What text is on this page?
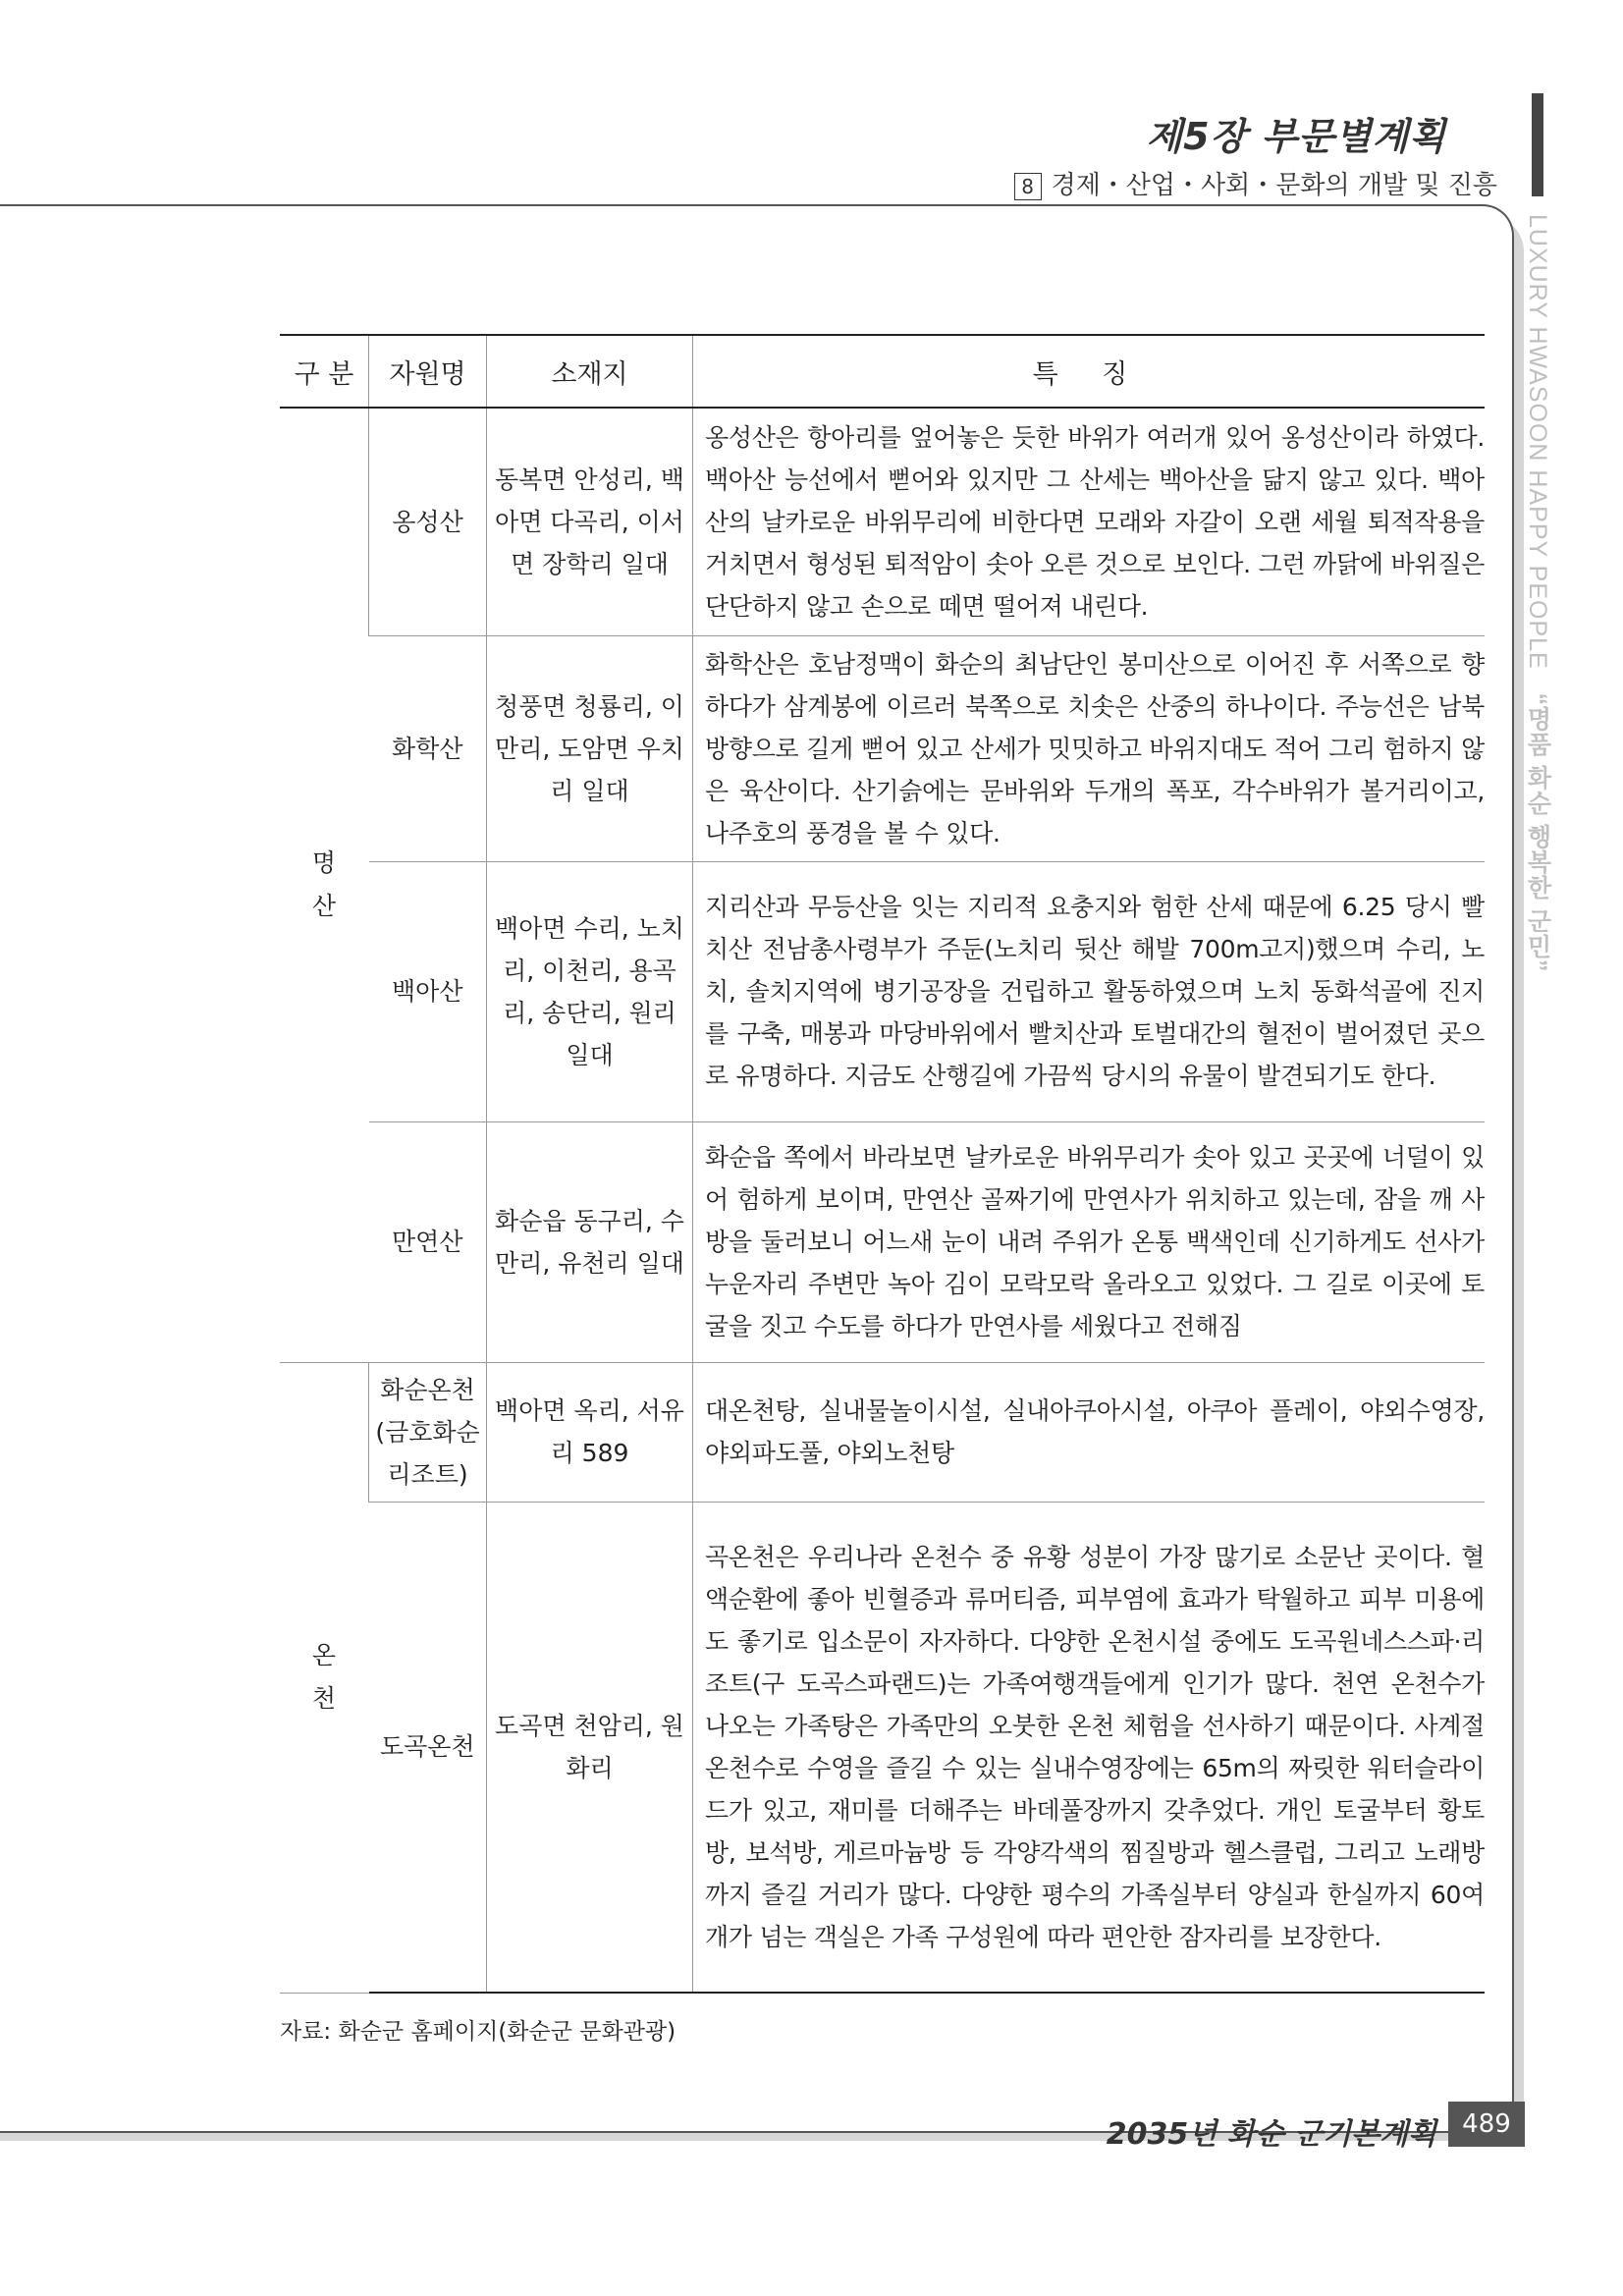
제5장 부문별계획
8 경제・산업・사회・문화의 개발 및 진흥
LUXURY HWASOON HAPPY PEOPLE   “명품 화순 행복한 군민”
구 분	자원명	소재지	특 징
명산	옹성산	동복면 안성리, 백아면 다곡리, 이서면 장학리 일대	옹성산은 항아리를 엎어놓은 듯한 바위가 여러개 있어 옹성산이라 하였다. 백아산 능선에서 뻗어와 있지만 그 산세는 백아산을 닮지 않고 있다. 백아산의 날카로운 바위무리에 비한다면 모래와 자갈이 오랜 세월 퇴적작용을 거치면서 형성된 퇴적암이 솟아 오른 것으로 보인다. 그런 까닭에 바위질은 단단하지 않고 손으로 떼면 떨어져 내린다.
	화학산	청풍면 청룡리, 이만리, 도암면 우치리 일대	화학산은 호남정맥이 화순의 최남단인 봉미산으로 이어진 후 서쪽으로 향하다가 삼계봉에 이르러 북쪽으로 치솟은 산중의 하나이다. 주능선은 남북방향으로 길게 뻗어 있고 산세가 밋밋하고 바위지대도 적어 그리 험하지 않은 육산이다. 산기슭에는 문바위와 두개의 폭포, 각수바위가 볼거리이고, 나주호의 풍경을 볼 수 있다.
	백아산	백아면 수리, 노치리, 이천리, 용곡리, 송단리, 원리 일대	지리산과 무등산을 잇는 지리적 요충지와 험한 산세 때문에 6.25 당시 빨치산 전남총사령부가 주둔(노치리 뒷산 해발 700m고지)했으며 수리, 노치, 솔치지역에 병기공장을 건립하고 활동하였으며 노치 동화석골에 진지를 구축, 매봉과 마당바위에서 빨치산과 토벌대간의 혈전이 벌어졌던 곳으로 유명하다. 지금도 산행길에 가끔씩 당시의 유물이 발견되기도 한다.
	만연산	화순읍 동구리, 수만리, 유천리 일대	화순읍 쪽에서 바라보면 날카로운 바위무리가 솟아 있고 곳곳에 너덜이 있어 험하게 보이며, 만연산 골짜기에 만연사가 위치하고 있는데, 잠을 깨 사방을 둘러보니 어느새 눈이 내려 주위가 온통 백색인데 신기하게도 선사가 누운자리 주변만 녹아 김이 모락모락 올라오고 있었다. 그 길로 이곳에 토굴을 짓고 수도를 하다가 만연사를 세웠다고 전해짐
온천	화순온천 (금호화순 리조트)	백아면 옥리, 서유리 589	대온천탕, 실내물놀이시설, 실내아쿠아시설, 아쿠아 플레이, 야외수영장, 야외파도풀, 야외노천탕
	도곡온천	도곡면 천암리, 원화리	곡온천은 우리나라 온천수 중 유황 성분이 가장 많기로 소문난 곳이다. 혈액순환에 좋아 빈혈증과 류머티즘, 피부염에 효과가 탁월하고 피부 미용에도 좋기로 입소문이 자자하다. 다양한 온천시설 중에도 도곡원네스스파·리조트(구 도곡스파랜드)는 가족여행객들에게 인기가 많다. 천연 온천수가 나오는 가족탕은 가족만의 오붓한 온천 체험을 선사하기 때문이다. 사계절 온천수로 수영을 즐길 수 있는 실내수영장에는 65m의 짜릿한 워터슬라이드가 있고, 재미를 더해주는 바데풀장까지 갖추었다. 개인 토굴부터 황토방, 보석방, 게르마늄방 등 각양각색의 찜질방과 헬스클럽, 그리고 노래방까지 즐길 거리가 많다. 다양한 평수의 가족실부터 양실과 한실까지 60여 개가 넘는 객실은 가족 구성원에 따라 편안한 잠자리를 보장한다.
자료: 화순군 홈페이지(화순군 문화관광)
2035년 화순 군기본계획	489
